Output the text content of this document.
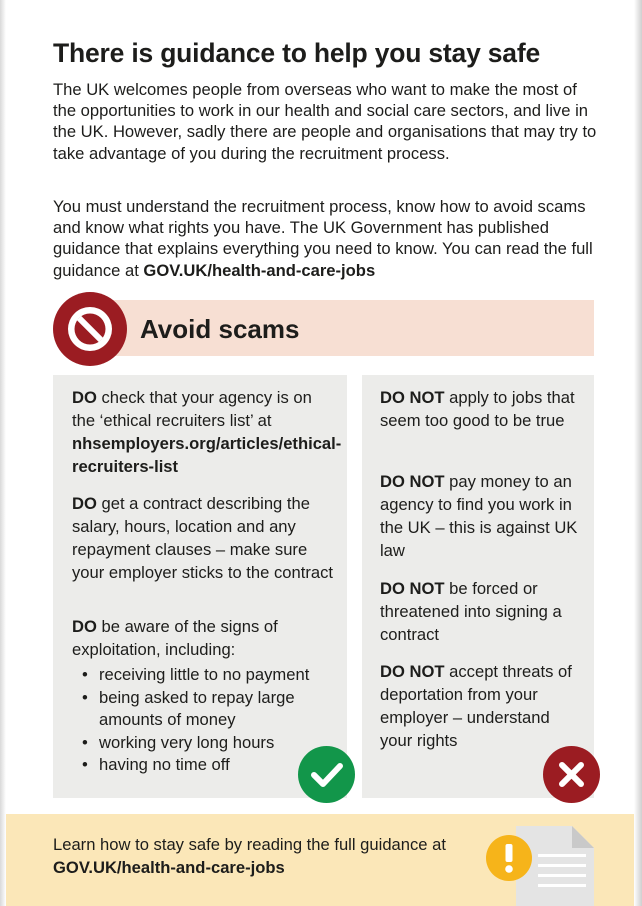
There is guidance to help you stay safe

The UK welcomes people from overseas who want to make the most of the opportunities to work in our health and social care sectors, and live in the UK. However, sadly there are people and organisations that may try to take advantage of you during the recruitment process.

You must understand the recruitment process, know how to avoid scams and know what rights you have. The UK Government has published guidance that explains everything you need to know. You can read the full guidance at GOV.UK/health-and-care-jobs

Avoid scams

DO check that your agency is on the ‘ethical recruiters list’ at nhsemployers.org/articles/ethical-recruiters-list

DO get a contract describing the salary, hours, location and any repayment clauses – make sure your employer sticks to the contract

DO be aware of the signs of exploitation, including:

• receiving little to no payment
• being asked to repay large amounts of money
• working very long hours
• having no time off

DO NOT apply to jobs that seem too good to be true

DO NOT pay money to an agency to find you work in the UK – this is against UK law

DO NOT be forced or threatened into signing a contract

DO NOT accept threats of deportation from your employer – understand your rights

Learn how to stay safe by reading the full guidance at GOV.UK/health-and-care-jobs
